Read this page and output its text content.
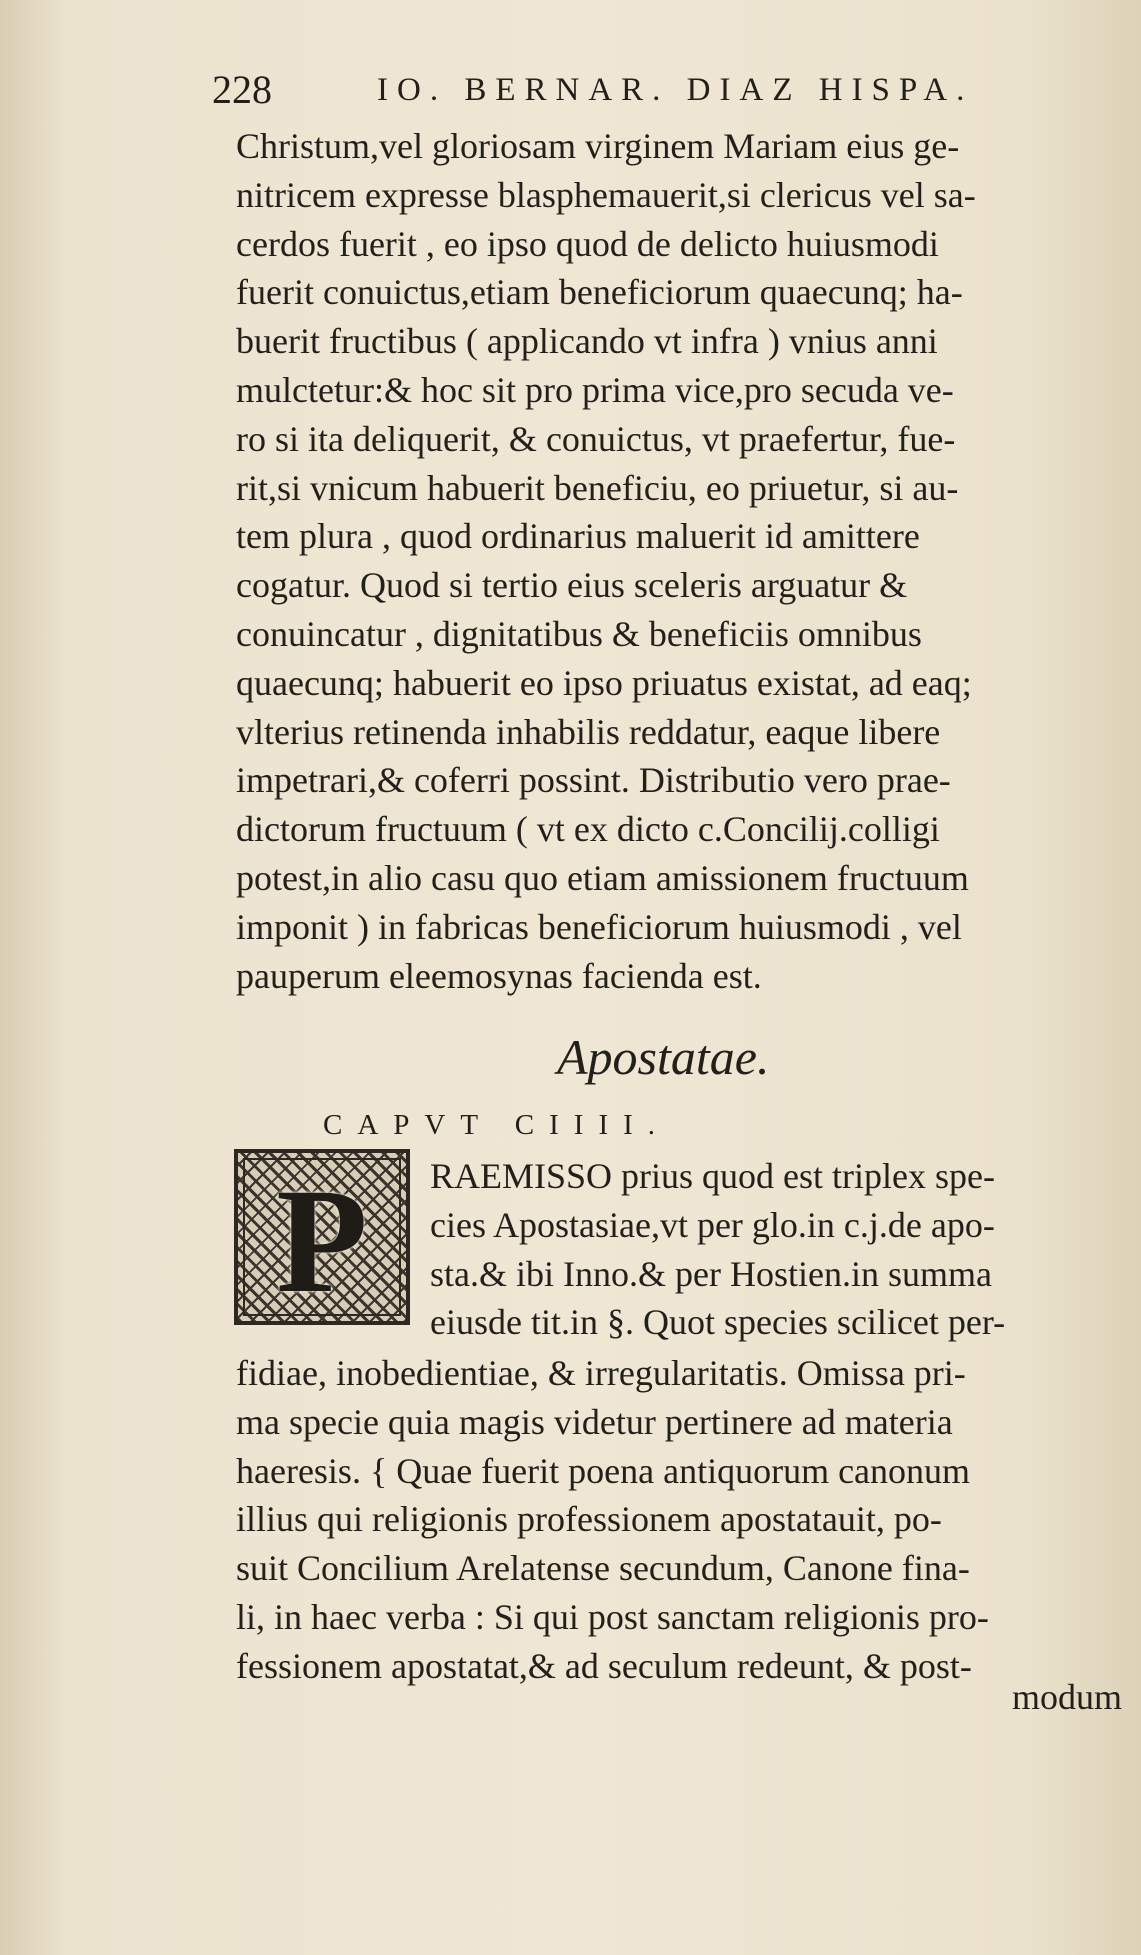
228	IO. BERNAR. DIAZ HISPA.
Christum,vel gloriosam virginem Mariam eius ge-
nitricem expresse blasphemauerit,si clericus vel sa-
cerdos fuerit , eo ipso quod de delicto huiusmodi
fuerit conuictus,etiam beneficiorum quaecunq; ha-
buerit fructibus ( applicando vt infra ) vnius anni
mulctetur:& hoc sit pro prima vice,pro secuda ve-
ro si ita deliquerit, & conuictus, vt praefertur, fue-
rit,si vnicum habuerit beneficiu, eo priuetur, si au-
tem plura , quod ordinarius maluerit id amittere
cogatur. Quod si tertio eius sceleris arguatur &
conuincatur , dignitatibus & beneficiis omnibus
quaecunq; habuerit eo ipso priuatus existat, ad eaq;
vlterius retinenda inhabilis reddatur, eaque libere
impetrari,& coferri possint. Distributio vero prae-
dictorum fructuum ( vt ex dicto c.Concilij.colligi
potest,in alio casu quo etiam amissionem fructuum
imponit ) in fabricas beneficiorum huiusmodi , vel
pauperum eleemosynas facienda est.
Apostatae.
CAPVT CIIII.
P	RAEMISSO prius quod est triplex spe-
cies Apostasiae,vt per glo.in c.j.de apo-
sta.& ibi Inno.& per Hostien.in summa
eiusde tit.in §. Quot species scilicet per-
fidiae, inobedientiae, & irregularitatis. Omissa pri-
ma specie quia magis videtur pertinere ad materia
haeresis. { Quae fuerit poena antiquorum canonum
illius qui religionis professionem apostatauit, po-
suit Concilium Arelatense secundum, Canone fina-
li, in haec verba : Si qui post sanctam religionis pro-
fessionem apostatat,& ad seculum redeunt, & post-
modum
